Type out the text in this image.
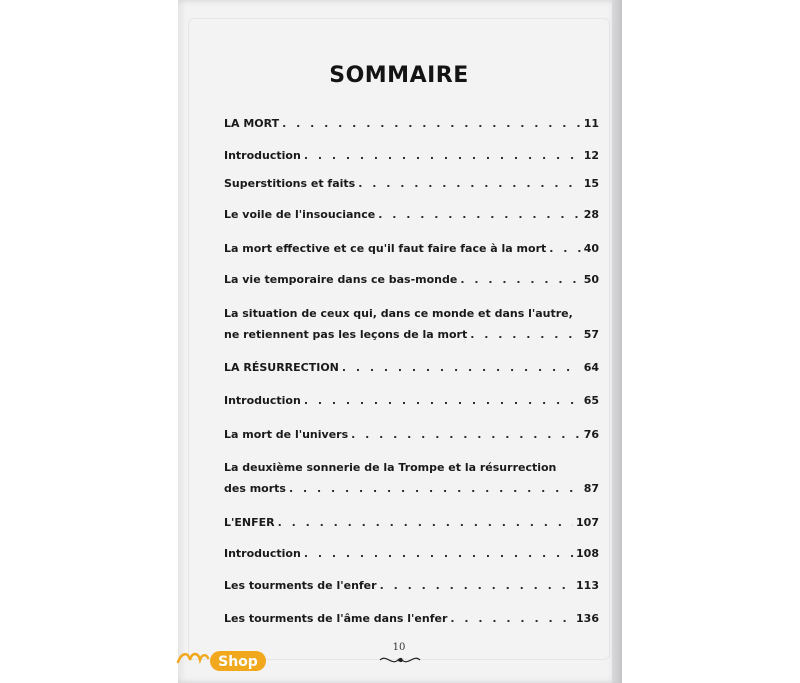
SOMMAIRE
LA MORT . . .	11
Introduction . . .	12
Superstitions et faits . . .	15
Le voile de l'insouciance . . .	28
La mort effective et ce qu'il faut faire face à la mort . . .	40
La vie temporaire dans ce bas-monde . . .	50
La situation de ceux qui, dans ce monde et dans l'autre,
ne retiennent pas les leçons de la mort . . .	57
LA RÉSURRECTION . . .	64
Introduction . . .	65
La mort de l'univers . . .	76
La deuxième sonnerie de la Trompe et la résurrection
des morts . . .	87
L'ENFER . . .	107
Introduction . . .	108
Les tourments de l'enfer . . .	113
Les tourments de l'âme dans l'enfer . . .	136
10
Shop
